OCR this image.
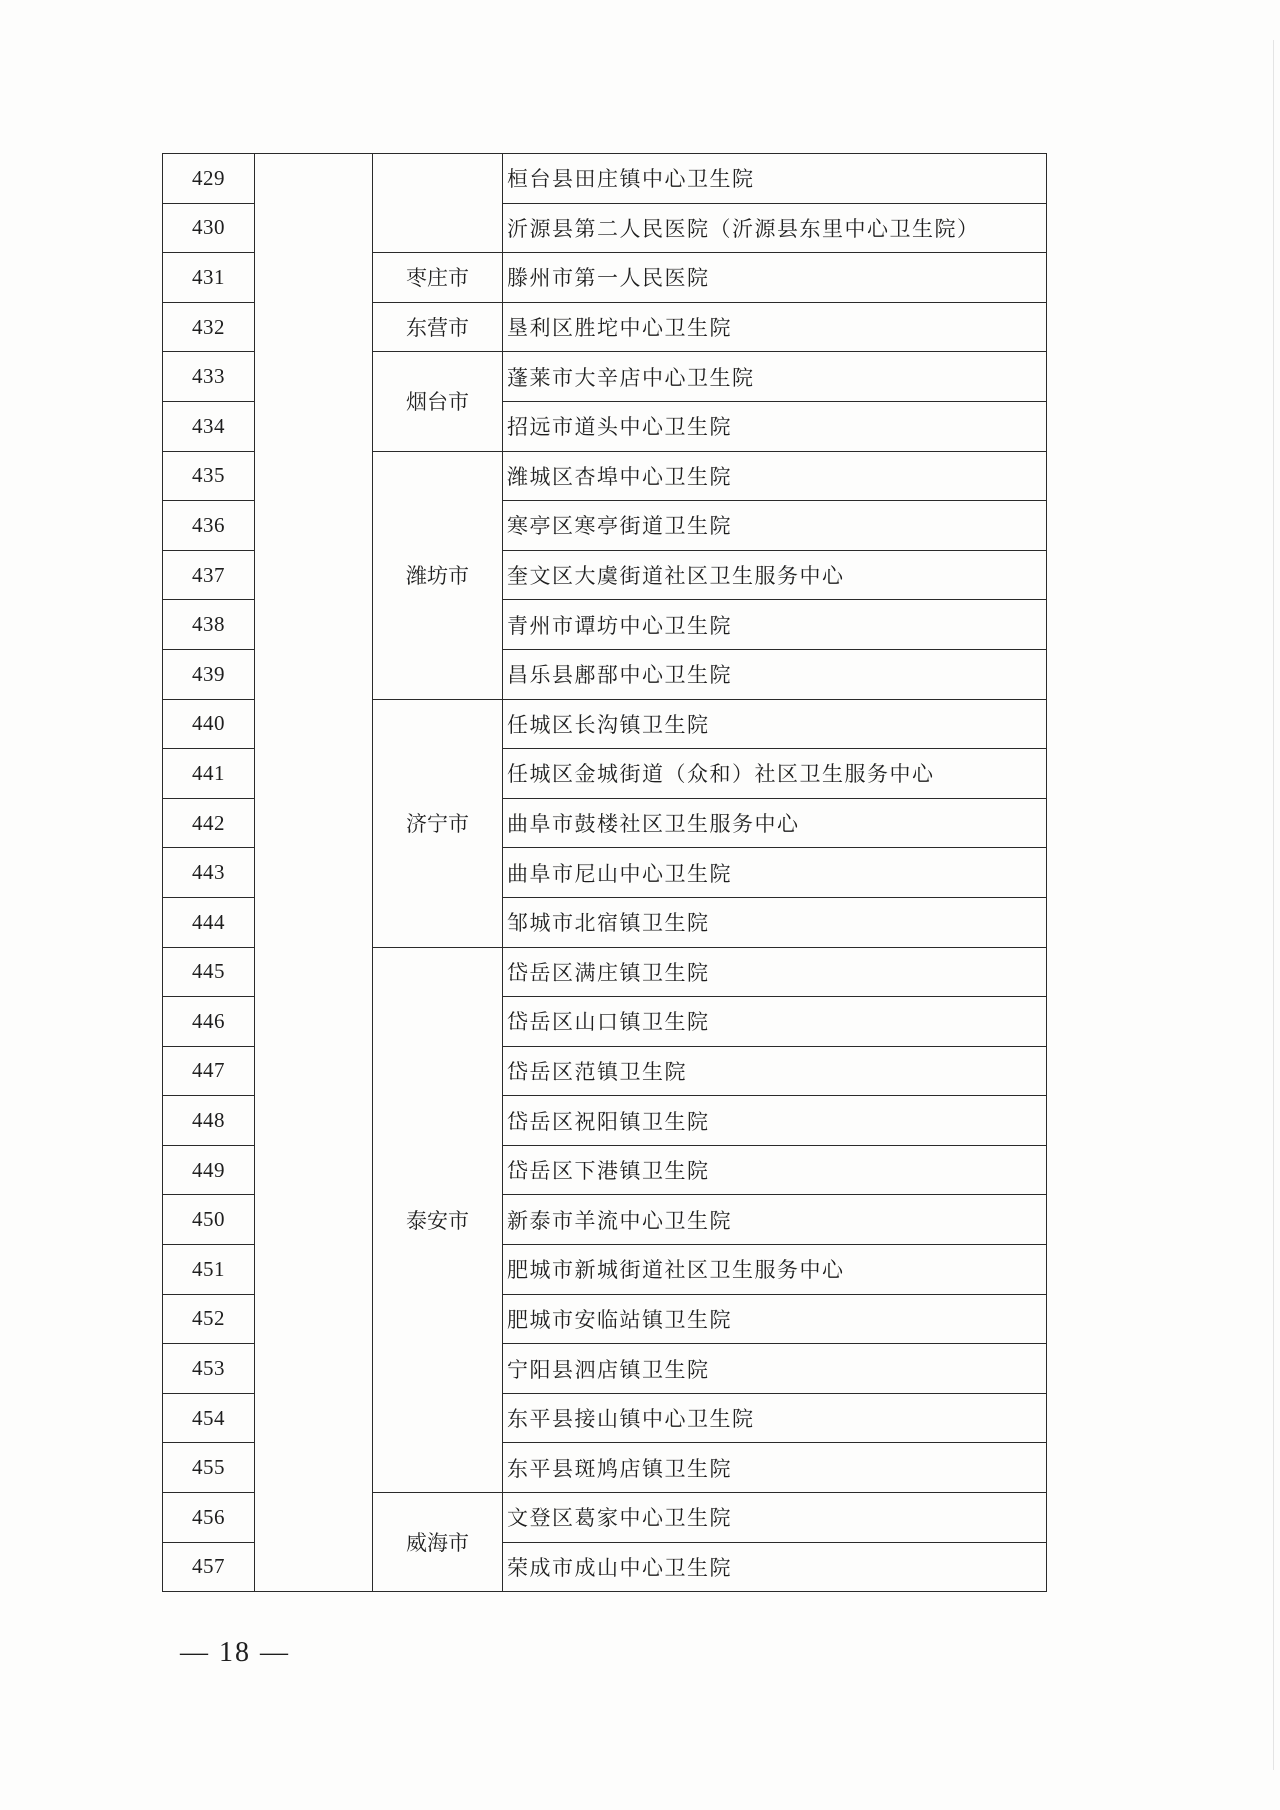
429			桓台县田庄镇中心卫生院
430			沂源县第二人民医院（沂源县东里中心卫生院）
431		枣庄市	滕州市第一人民医院
432		东营市	垦利区胜坨中心卫生院
433		烟台市	蓬莱市大辛店中心卫生院
434			招远市道头中心卫生院
435		潍坊市	潍城区杏埠中心卫生院
436			寒亭区寒亭街道卫生院
437			奎文区大虞街道社区卫生服务中心
438			青州市谭坊中心卫生院
439			昌乐县鄌郚中心卫生院
440		济宁市	任城区长沟镇卫生院
441			任城区金城街道（众和）社区卫生服务中心
442			曲阜市鼓楼社区卫生服务中心
443			曲阜市尼山中心卫生院
444			邹城市北宿镇卫生院
445		泰安市	岱岳区满庄镇卫生院
446			岱岳区山口镇卫生院
447			岱岳区范镇卫生院
448			岱岳区祝阳镇卫生院
449			岱岳区下港镇卫生院
450			新泰市羊流中心卫生院
451			肥城市新城街道社区卫生服务中心
452			肥城市安临站镇卫生院
453			宁阳县泗店镇卫生院
454			东平县接山镇中心卫生院
455			东平县斑鸠店镇卫生院
456		威海市	文登区葛家中心卫生院
457			荣成市成山中心卫生院
— 18 —
